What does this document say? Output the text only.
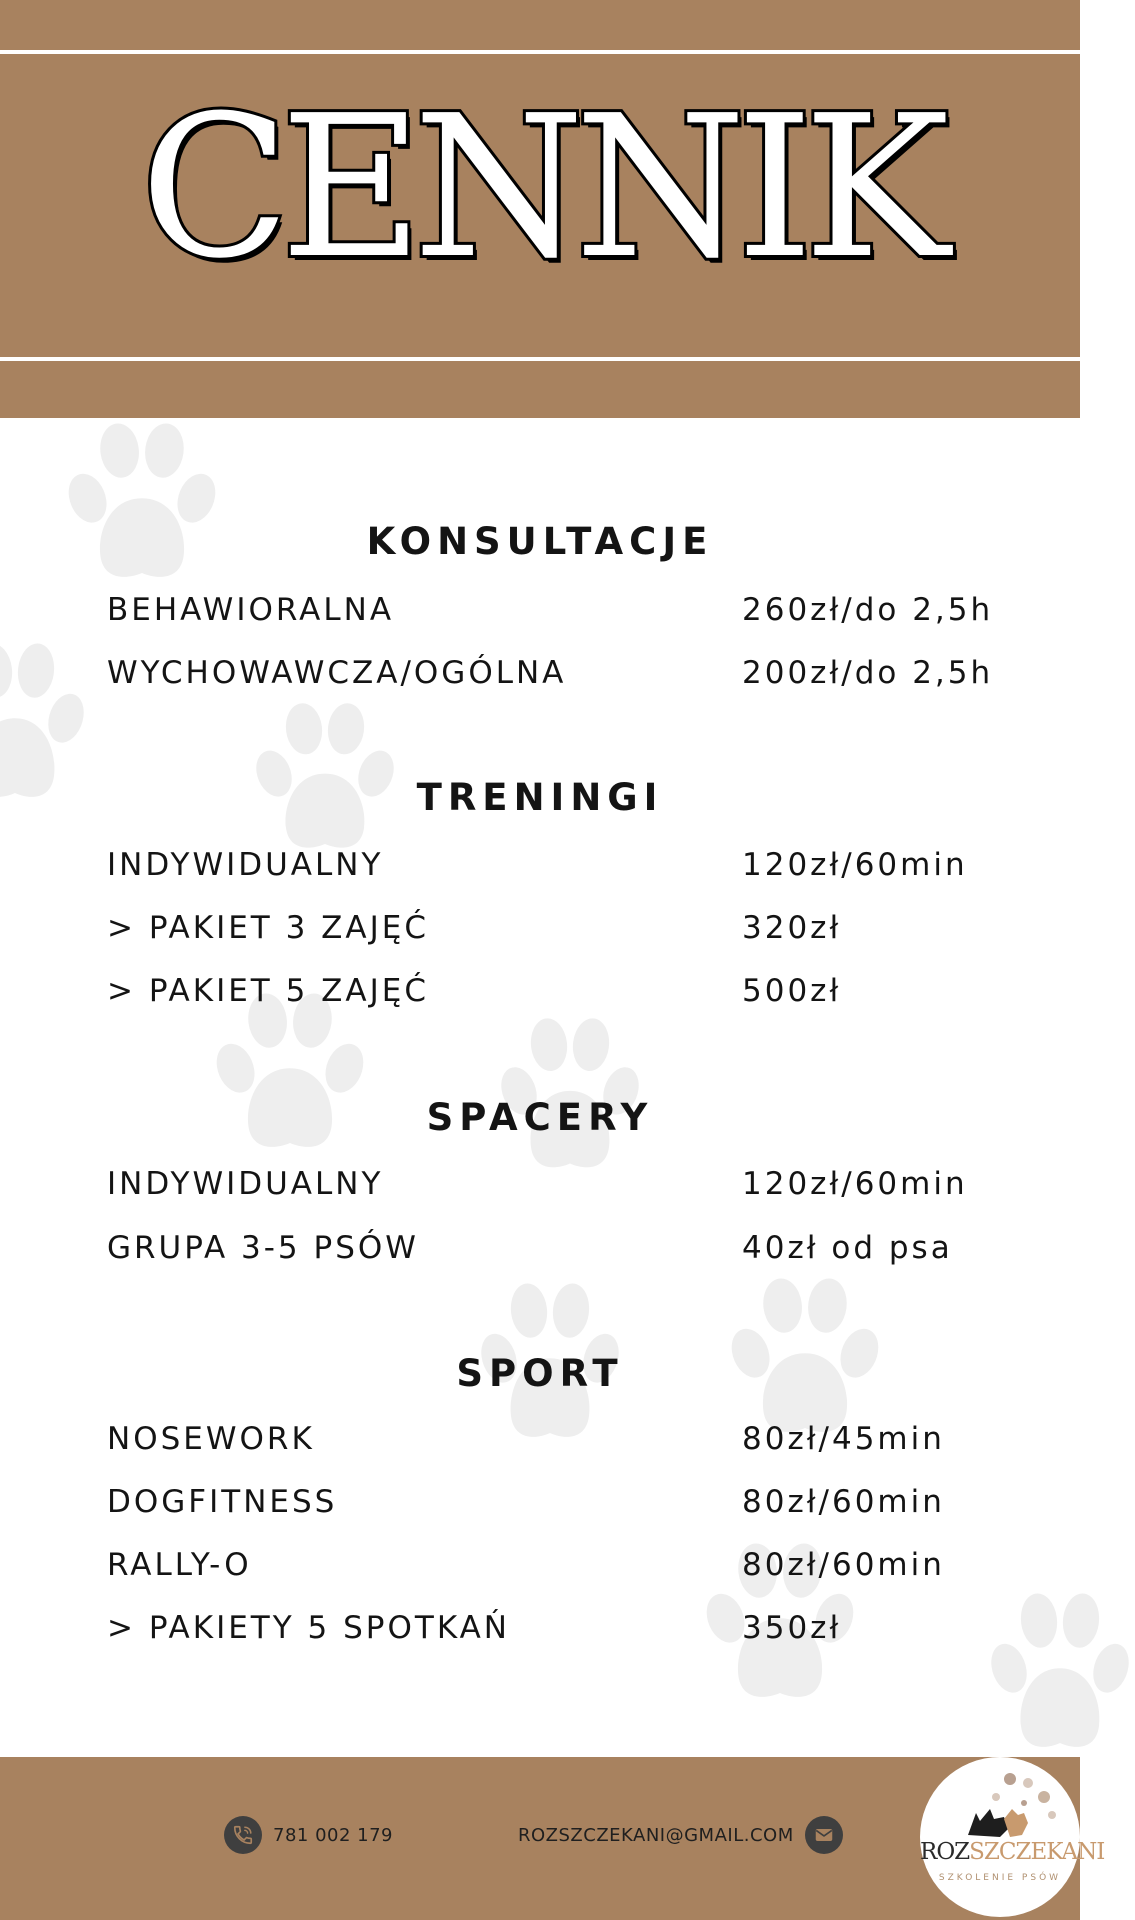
CENNIK
KONSULTACJE
BEHAWIORALNA	260zł/do 2,5h
WYCHOWAWCZA/OGÓLNA	200zł/do 2,5h
TRENINGI
INDYWIDUALNY	120zł/60min
> PAKIET 3 ZAJĘĆ	320zł
> PAKIET 5 ZAJĘĆ	500zł
SPACERY
INDYWIDUALNY	120zł/60min
GRUPA 3-5 PSÓW	40zł od psa
SPORT
NOSEWORK	80zł/45min
DOGFITNESS	80zł/60min
RALLY-O	80zł/60min
> PAKIETY 5 SPOTKAŃ	350zł
781 002 179	ROZSZCZEKANI@GMAIL.COM
ROZSZCZEKANI
SZKOLENIE PSÓW
